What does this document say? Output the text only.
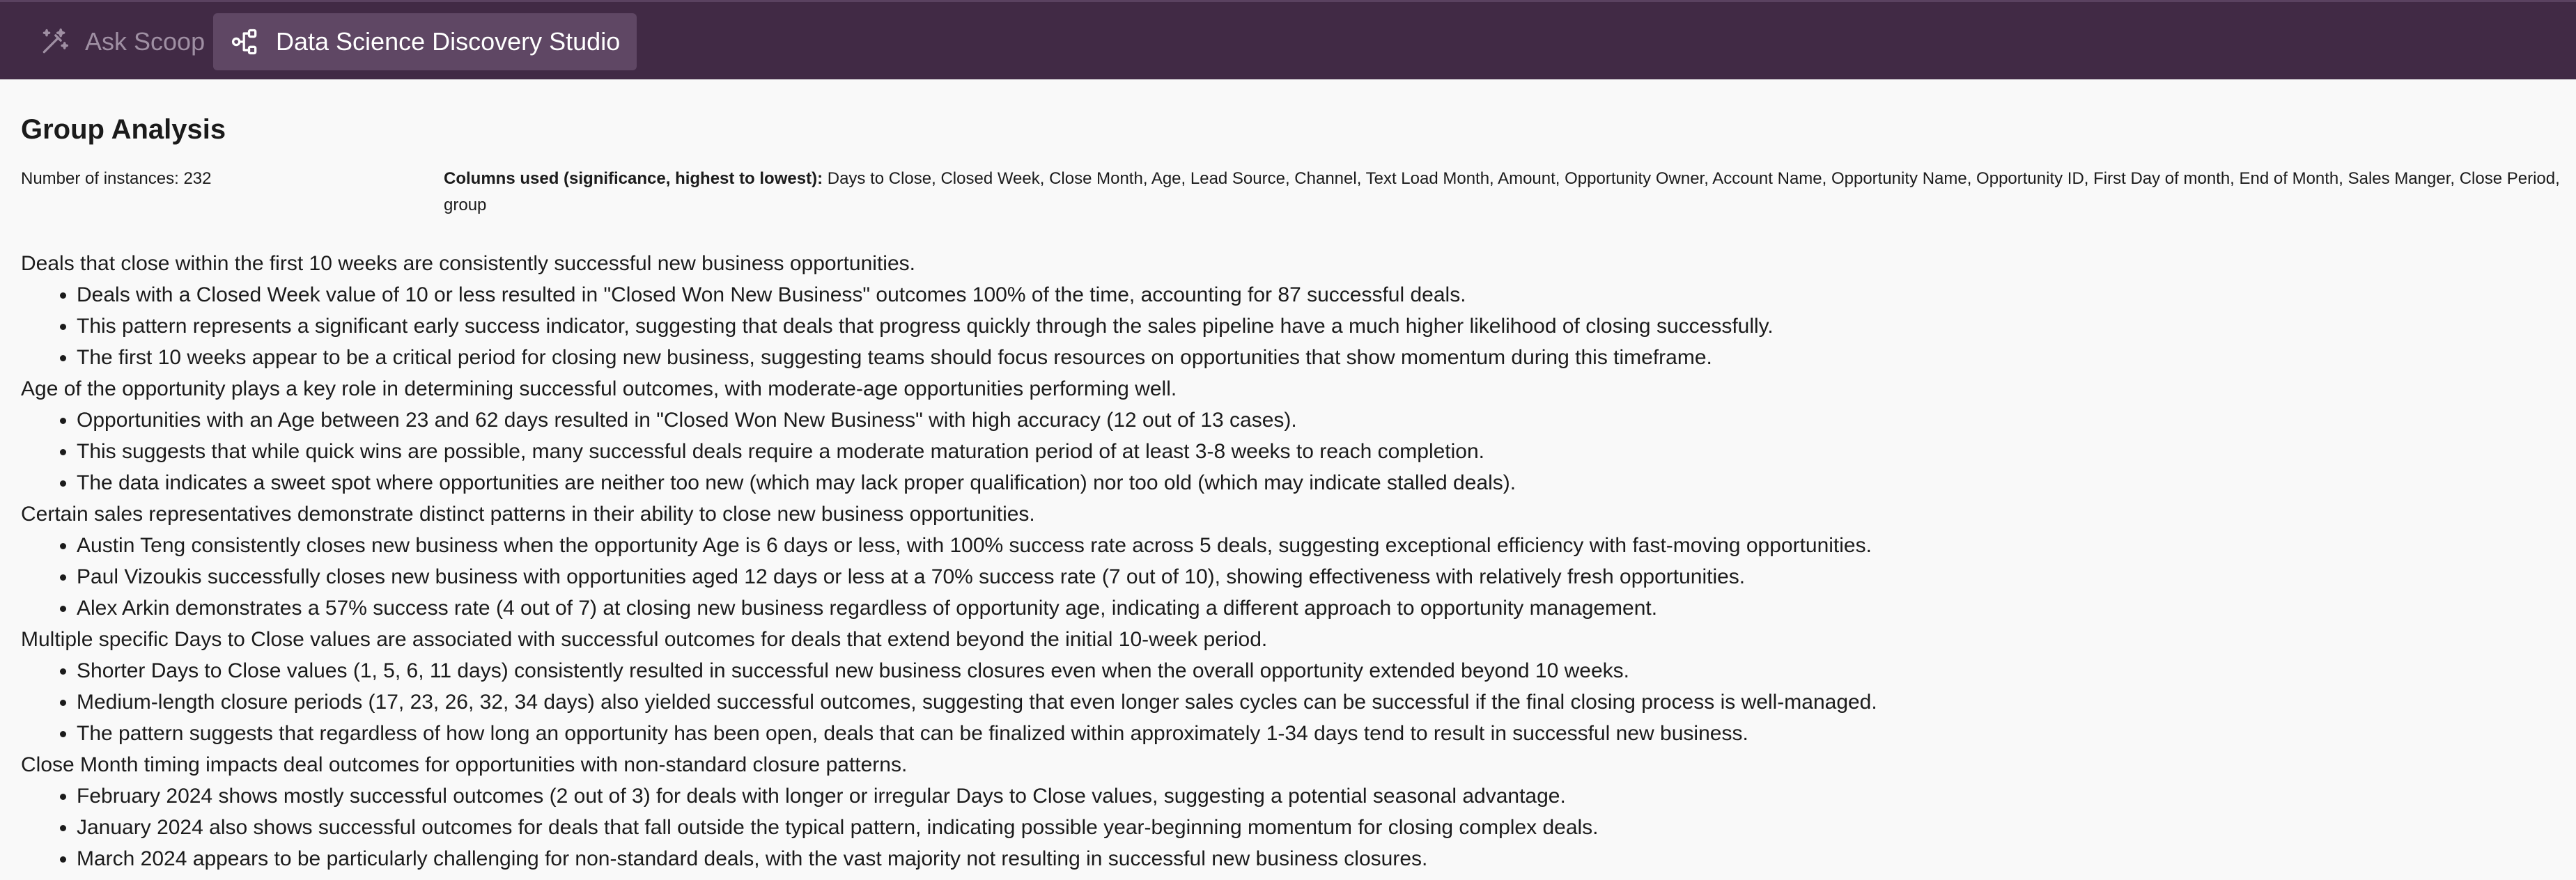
Ask Scoop	Data Science Discovery Studio
Group Analysis
Number of instances: 232	Columns used (significance, highest to lowest): Days to Close, Closed Week, Close Month, Age, Lead Source, Channel, Text Load Month, Amount, Opportunity Owner, Account Name, Opportunity Name, Opportunity ID, First Day of month, End of Month, Sales Manger, Close Period, group
Deals that close within the first 10 weeks are consistently successful new business opportunities.
• Deals with a Closed Week value of 10 or less resulted in "Closed Won New Business" outcomes 100% of the time, accounting for 87 successful deals.
• This pattern represents a significant early success indicator, suggesting that deals that progress quickly through the sales pipeline have a much higher likelihood of closing successfully.
• The first 10 weeks appear to be a critical period for closing new business, suggesting teams should focus resources on opportunities that show momentum during this timeframe.
Age of the opportunity plays a key role in determining successful outcomes, with moderate-age opportunities performing well.
• Opportunities with an Age between 23 and 62 days resulted in "Closed Won New Business" with high accuracy (12 out of 13 cases).
• This suggests that while quick wins are possible, many successful deals require a moderate maturation period of at least 3-8 weeks to reach completion.
• The data indicates a sweet spot where opportunities are neither too new (which may lack proper qualification) nor too old (which may indicate stalled deals).
Certain sales representatives demonstrate distinct patterns in their ability to close new business opportunities.
• Austin Teng consistently closes new business when the opportunity Age is 6 days or less, with 100% success rate across 5 deals, suggesting exceptional efficiency with fast-moving opportunities.
• Paul Vizoukis successfully closes new business with opportunities aged 12 days or less at a 70% success rate (7 out of 10), showing effectiveness with relatively fresh opportunities.
• Alex Arkin demonstrates a 57% success rate (4 out of 7) at closing new business regardless of opportunity age, indicating a different approach to opportunity management.
Multiple specific Days to Close values are associated with successful outcomes for deals that extend beyond the initial 10-week period.
• Shorter Days to Close values (1, 5, 6, 11 days) consistently resulted in successful new business closures even when the overall opportunity extended beyond 10 weeks.
• Medium-length closure periods (17, 23, 26, 32, 34 days) also yielded successful outcomes, suggesting that even longer sales cycles can be successful if the final closing process is well-managed.
• The pattern suggests that regardless of how long an opportunity has been open, deals that can be finalized within approximately 1-34 days tend to result in successful new business.
Close Month timing impacts deal outcomes for opportunities with non-standard closure patterns.
• February 2024 shows mostly successful outcomes (2 out of 3) for deals with longer or irregular Days to Close values, suggesting a potential seasonal advantage.
• January 2024 also shows successful outcomes for deals that fall outside the typical pattern, indicating possible year-beginning momentum for closing complex deals.
• March 2024 appears to be particularly challenging for non-standard deals, with the vast majority not resulting in successful new business closures.
